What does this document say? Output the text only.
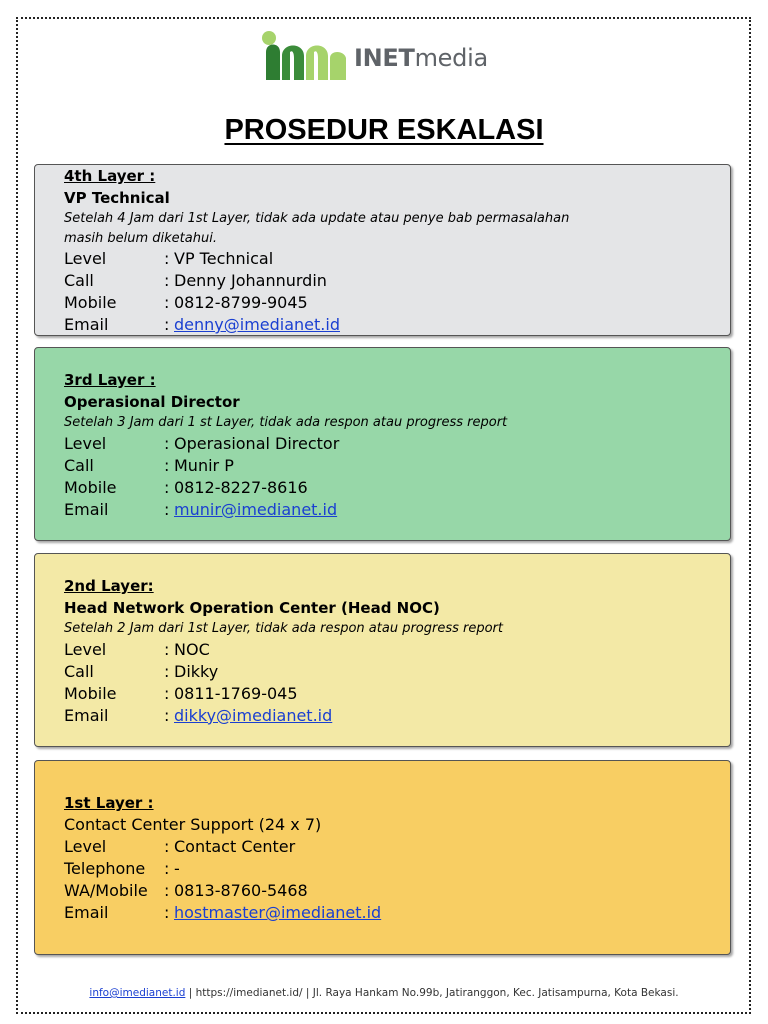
INETmedia
PROSEDUR ESKALASI
4th Layer :
VP Technical
Setelah 4 Jam dari 1st Layer, tidak ada update atau penye bab permasalahan masih belum diketahui.
Level	: VP Technical
Call	: Denny Johannurdin
Mobile	: 0812-8799-9045
Email	: denny@imedianet.id
3rd Layer :
Operasional Director
Setelah 3 Jam dari 1 st Layer, tidak ada respon atau progress report
Level	: Operasional Director
Call	: Munir P
Mobile	: 0812-8227-8616
Email	: munir@imedianet.id
2nd Layer:
Head Network Operation Center (Head NOC)
Setelah 2 Jam dari 1st Layer, tidak ada respon atau progress report
Level	: NOC
Call	: Dikky
Mobile	: 0811-1769-045
Email	: dikky@imedianet.id
1st Layer :
Contact Center Support (24 x 7)
Level	: Contact Center
Telephone	: -
WA/Mobile	: 0813-8760-5468
Email	: hostmaster@imedianet.id
info@imedianet.id | https://imedianet.id/ | Jl. Raya Hankam No.99b, Jatiranggon, Kec. Jatisampurna, Kota Bekasi.
